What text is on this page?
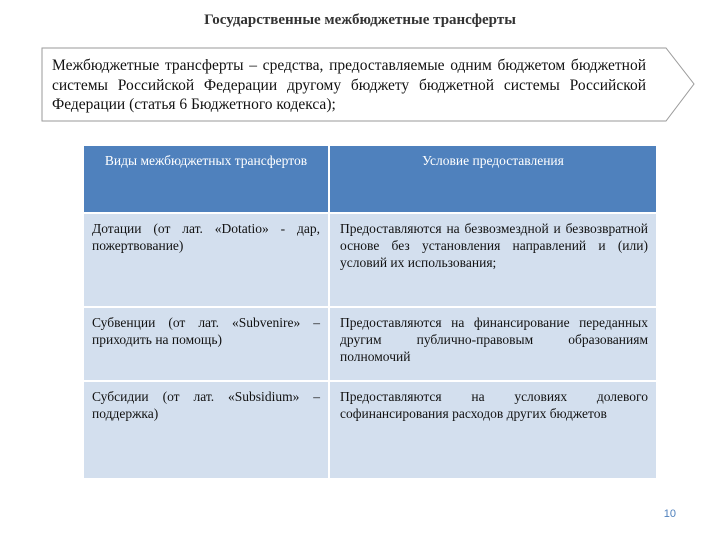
Государственные межбюджетные трансферты
Межбюджетные трансферты – средства, предоставляемые одним бюджетом бюджетной системы Российской Федерации другому бюджету бюджетной системы Российской Федерации (статья 6 Бюджетного кодекса);
Виды межбюджетных трансфертов	Условие предоставления
Дотации (от лат. «Dotatio» - дар, пожертвование)	Предоставляются на безвозмездной и безвозвратной основе без установления направлений и (или) условий их использования;
Субвенции (от лат. «Subvenire» – приходить на помощь)	Предоставляются на финансирование переданных другим публично-правовым образованиям полномочий
Субсидии (от лат. «Subsidium» – поддержка)	Предоставляются на условиях долевого софинансирования расходов других бюджетов
10
